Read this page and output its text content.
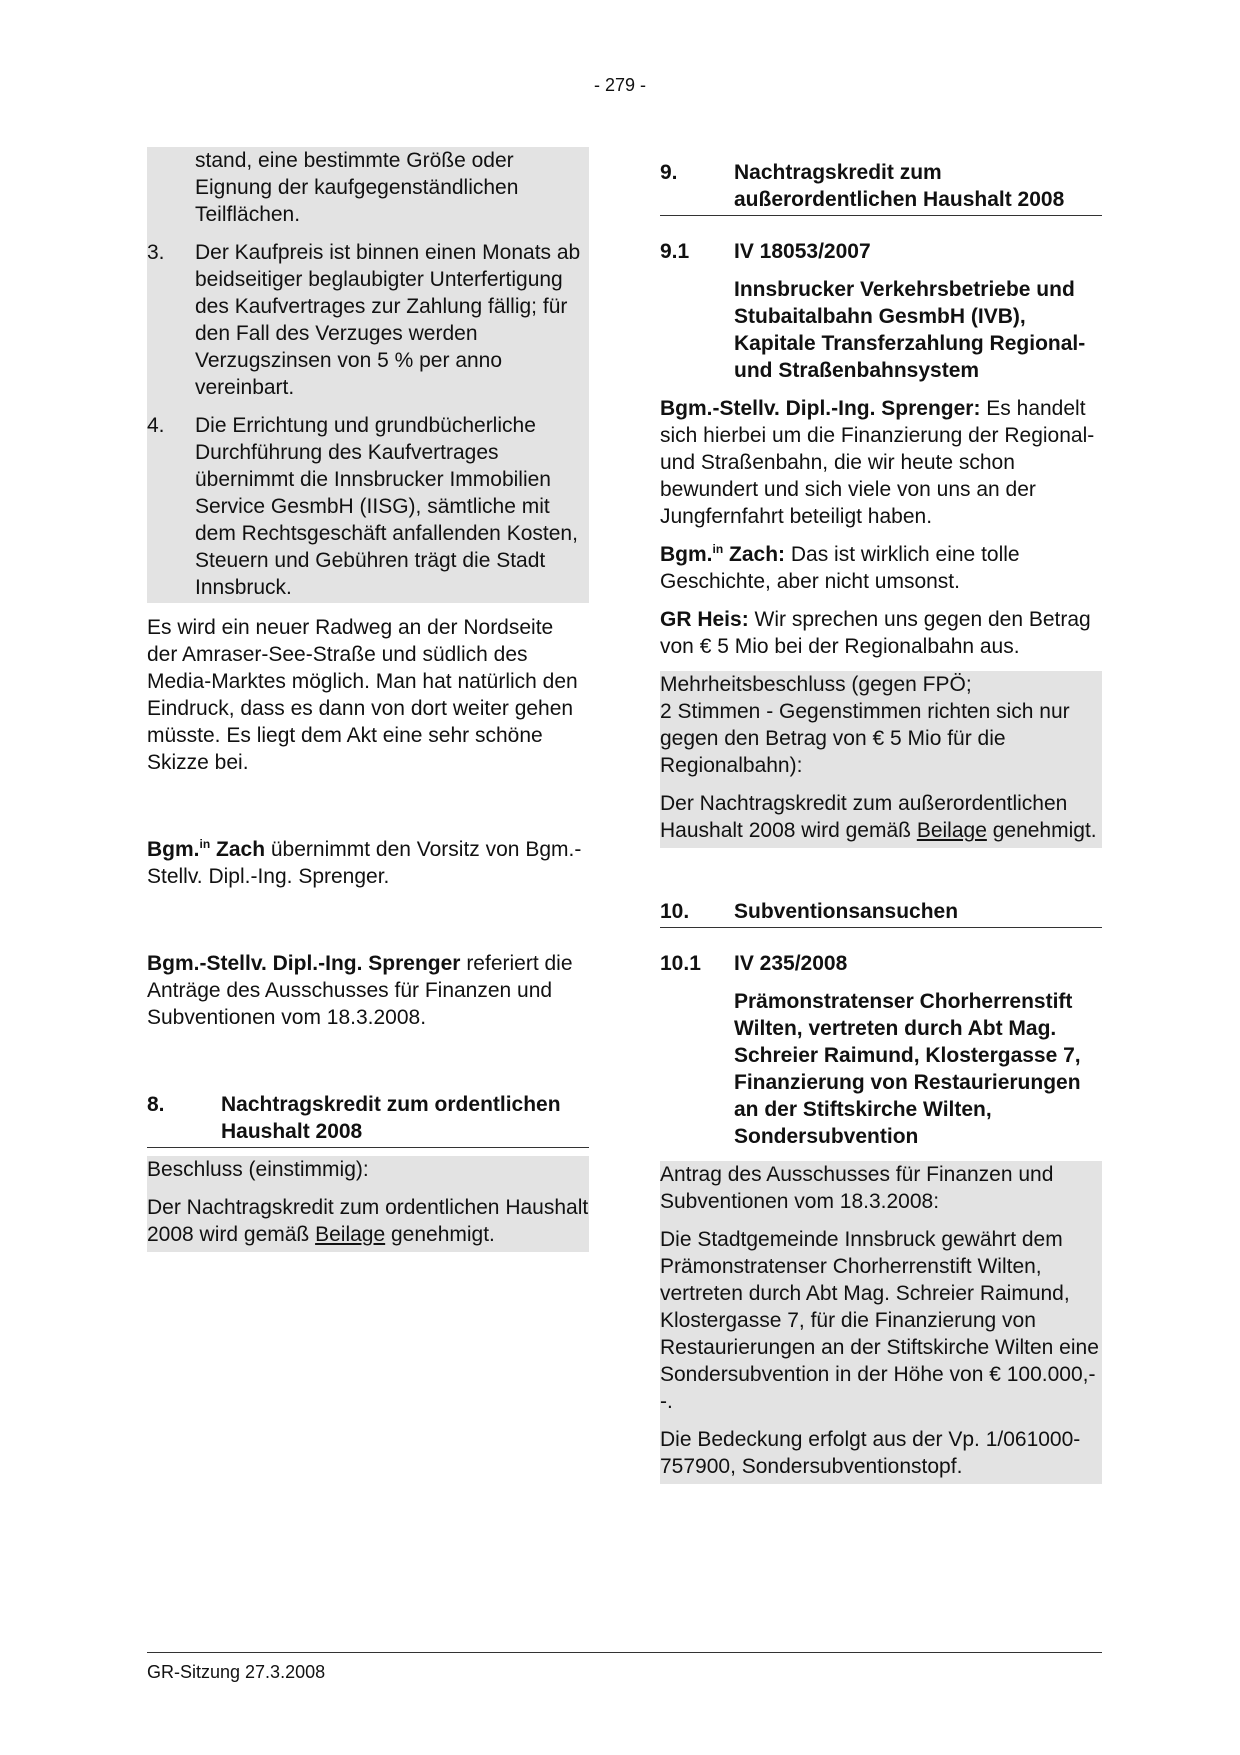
- 279 -
stand, eine bestimmte Größe oder Eignung der kaufgegenständlichen Teilflächen.
3.	Der Kaufpreis ist binnen einen Monats ab beidseitiger beglaubigter Unterfertigung des Kaufvertrages zur Zahlung fällig; für den Fall des Verzuges werden Verzugszinsen von 5 % per anno vereinbart.
4.	Die Errichtung und grundbücherliche Durchführung des Kaufvertrages übernimmt die Innsbrucker Immobilien Service GesmbH (IISG), sämtliche mit dem Rechtsgeschäft anfallenden Kosten, Steuern und Gebühren trägt die Stadt Innsbruck.

Es wird ein neuer Radweg an der Nordseite der Amraser-See-Straße und südlich des Media-Marktes möglich. Man hat natürlich den Eindruck, dass es dann von dort weiter gehen müsste. Es liegt dem Akt eine sehr schöne Skizze bei.

Bgm.$^{in}$ Zach übernimmt den Vorsitz von Bgm.-Stellv. Dipl.-Ing. Sprenger.

Bgm.-Stellv. Dipl.-Ing. Sprenger referiert die Anträge des Ausschusses für Finanzen und Subventionen vom 18.3.2008.

8.	Nachtragskredit zum ordentlichen Haushalt 2008

Beschluss (einstimmig):

Der Nachtragskredit zum ordentlichen Haushalt 2008 wird gemäß Beilage genehmigt.

9.	Nachtragskredit zum außerordentlichen Haushalt 2008
9.1	IV 18053/2007

Innsbrucker Verkehrsbetriebe und Stubaitalbahn GesmbH (IVB), Kapitale Transferzahlung Regional- und Straßenbahnsystem

Bgm.-Stellv. Dipl.-Ing. Sprenger: Es handelt sich hierbei um die Finanzierung der Regional- und Straßenbahn, die wir heute schon bewundert und sich viele von uns an der Jungfernfahrt beteiligt haben.

Bgm.$^{in}$ Zach: Das ist wirklich eine tolle Geschichte, aber nicht umsonst.

GR Heis: Wir sprechen uns gegen den Betrag von € 5 Mio bei der Regionalbahn aus.

Mehrheitsbeschluss (gegen FPÖ;

2 Stimmen - Gegenstimmen richten sich nur gegen den Betrag von € 5 Mio für die Regionalbahn):

Der Nachtragskredit zum außerordentlichen Haushalt 2008 wird gemäß Beilage genehmigt.

10.	Subventionsansuchen
10.1	IV 235/2008

Prämonstratenser Chorherrenstift Wilten, vertreten durch Abt Mag. Schreier Raimund, Klostergasse 7, Finanzierung von Restaurierungen an der Stiftskirche Wilten, Sondersubvention

Antrag des Ausschusses für Finanzen und Subventionen vom 18.3.2008:

Die Stadtgemeinde Innsbruck gewährt dem Prämonstratenser Chorherrenstift Wilten, vertreten durch Abt Mag. Schreier Raimund, Klostergasse 7, für die Finanzierung von Restaurierungen an der Stiftskirche Wilten eine Sondersubvention in der Höhe von € 100.000,--.

Die Bedeckung erfolgt aus der Vp. 1/061000-757900, Sondersubventionstopf.

GR-Sitzung 27.3.2008
